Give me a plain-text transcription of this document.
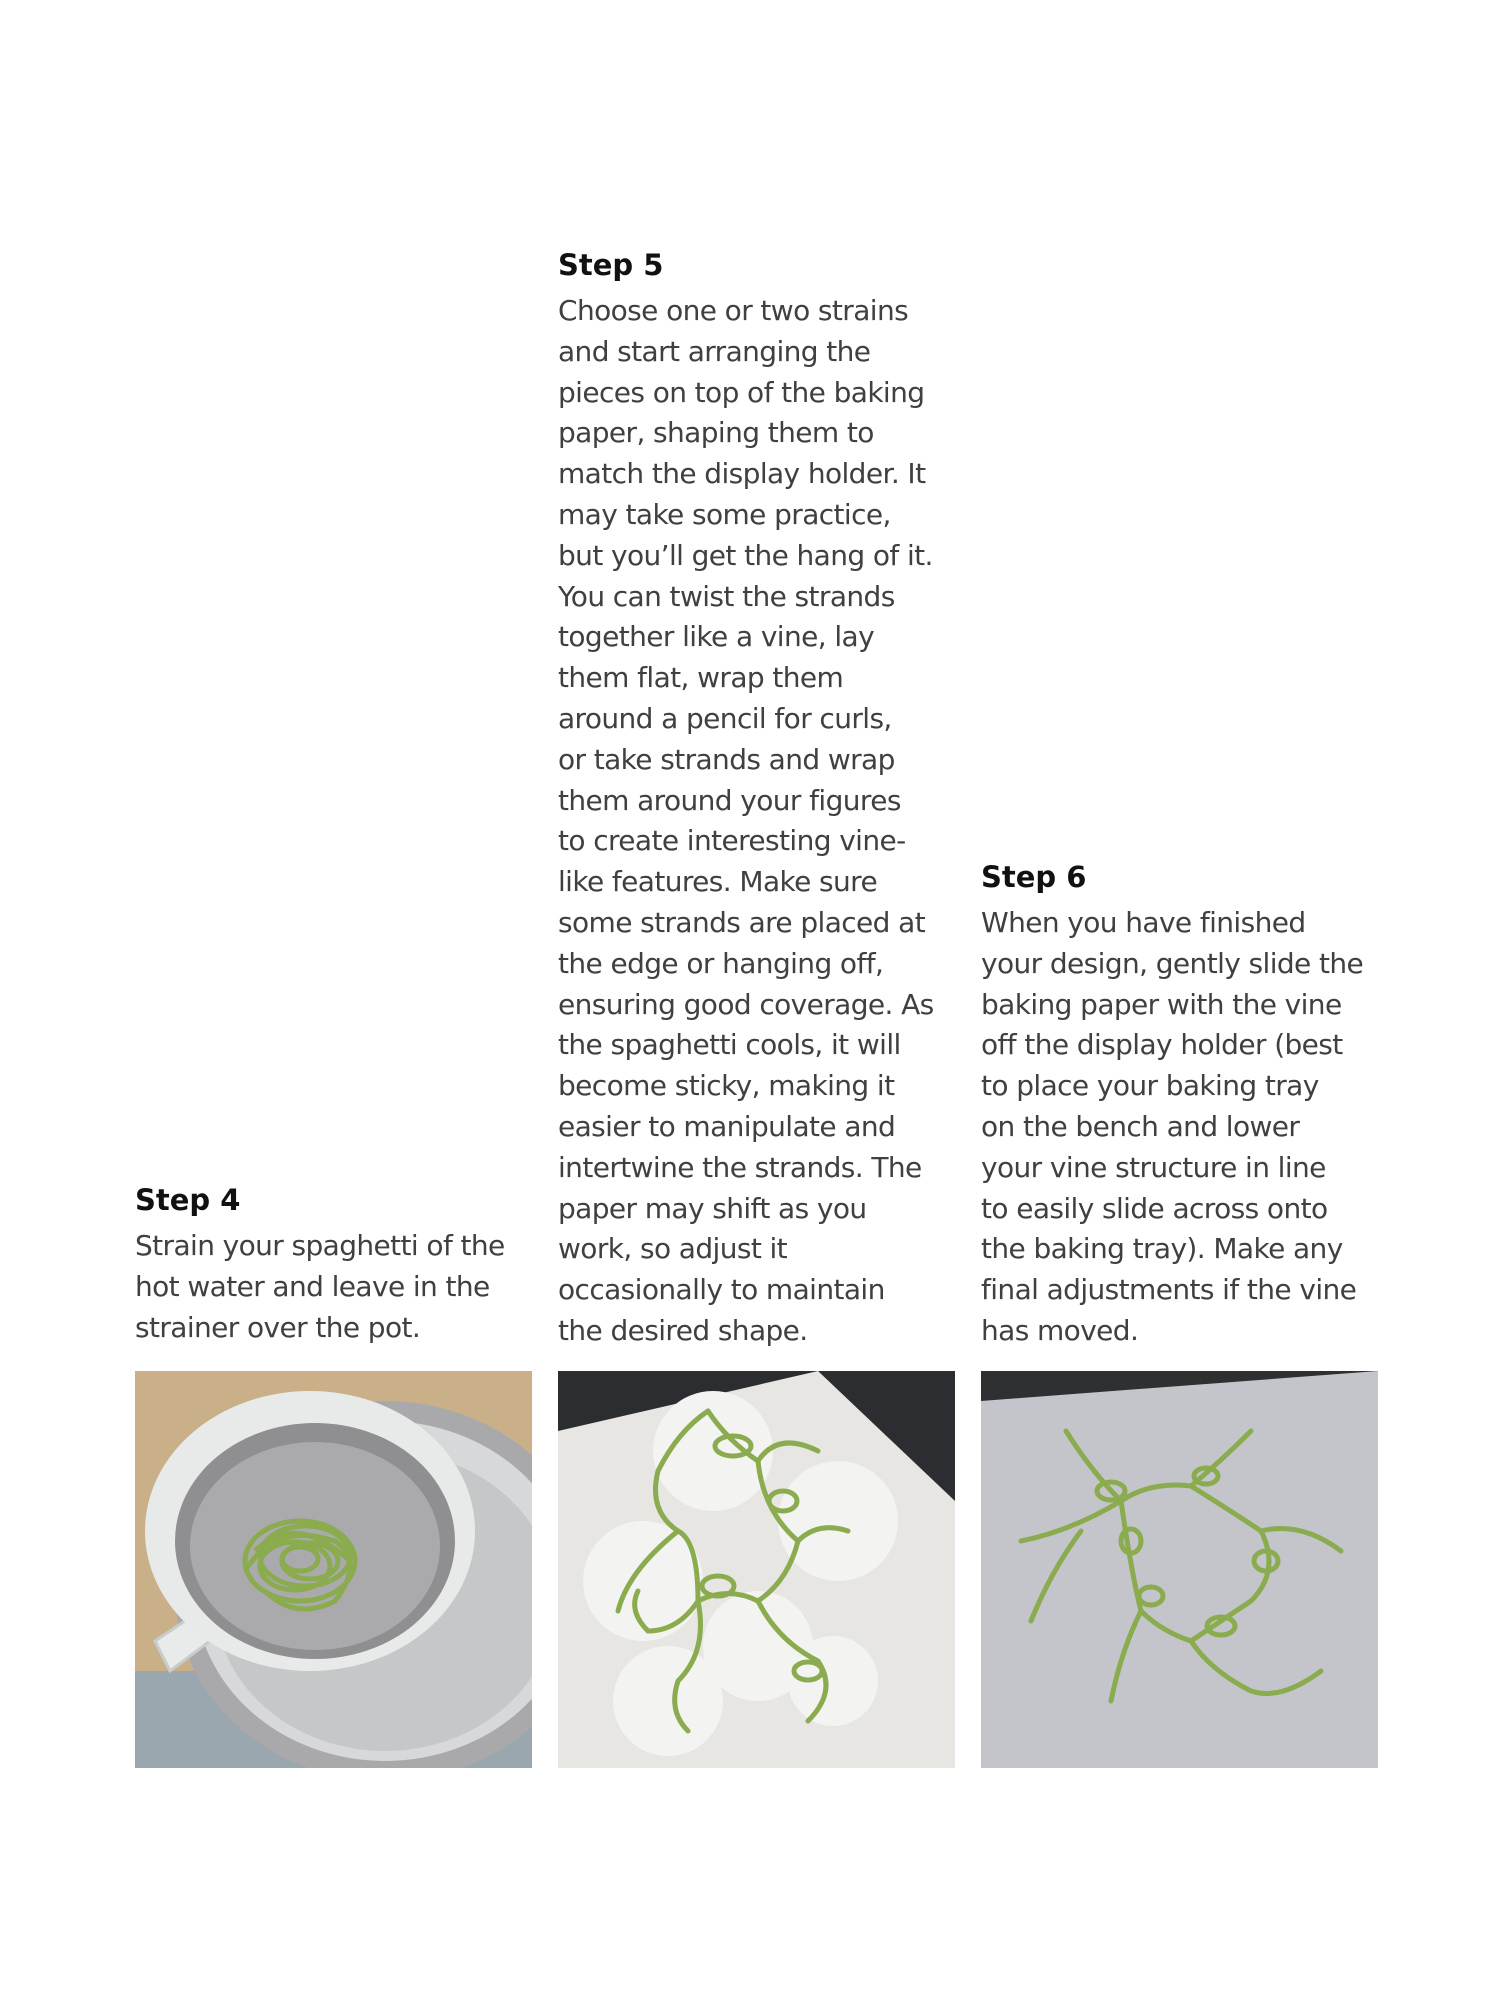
Step 4
Strain your spaghetti of the
hot water and leave in the
strainer over the pot.
Step 5
Choose one or two strains
and start arranging the
pieces on top of the baking
paper, shaping them to
match the display holder. It
may take some practice,
but you’ll get the hang of it.
You can twist the strands
together like a vine, lay
them flat, wrap them
around a pencil for curls,
or take strands and wrap
them around your figures
to create interesting vine-
like features. Make sure
some strands are placed at
the edge or hanging off,
ensuring good coverage. As
the spaghetti cools, it will
become sticky, making it
easier to manipulate and
intertwine the strands. The
paper may shift as you
work, so adjust it
occasionally to maintain
the desired shape.
Step 6
When you have finished
your design, gently slide the
baking paper with the vine
off the display holder (best
to place your baking tray
on the bench and lower
your vine structure in line
to easily slide across onto
the baking tray). Make any
final adjustments if the vine
has moved.
